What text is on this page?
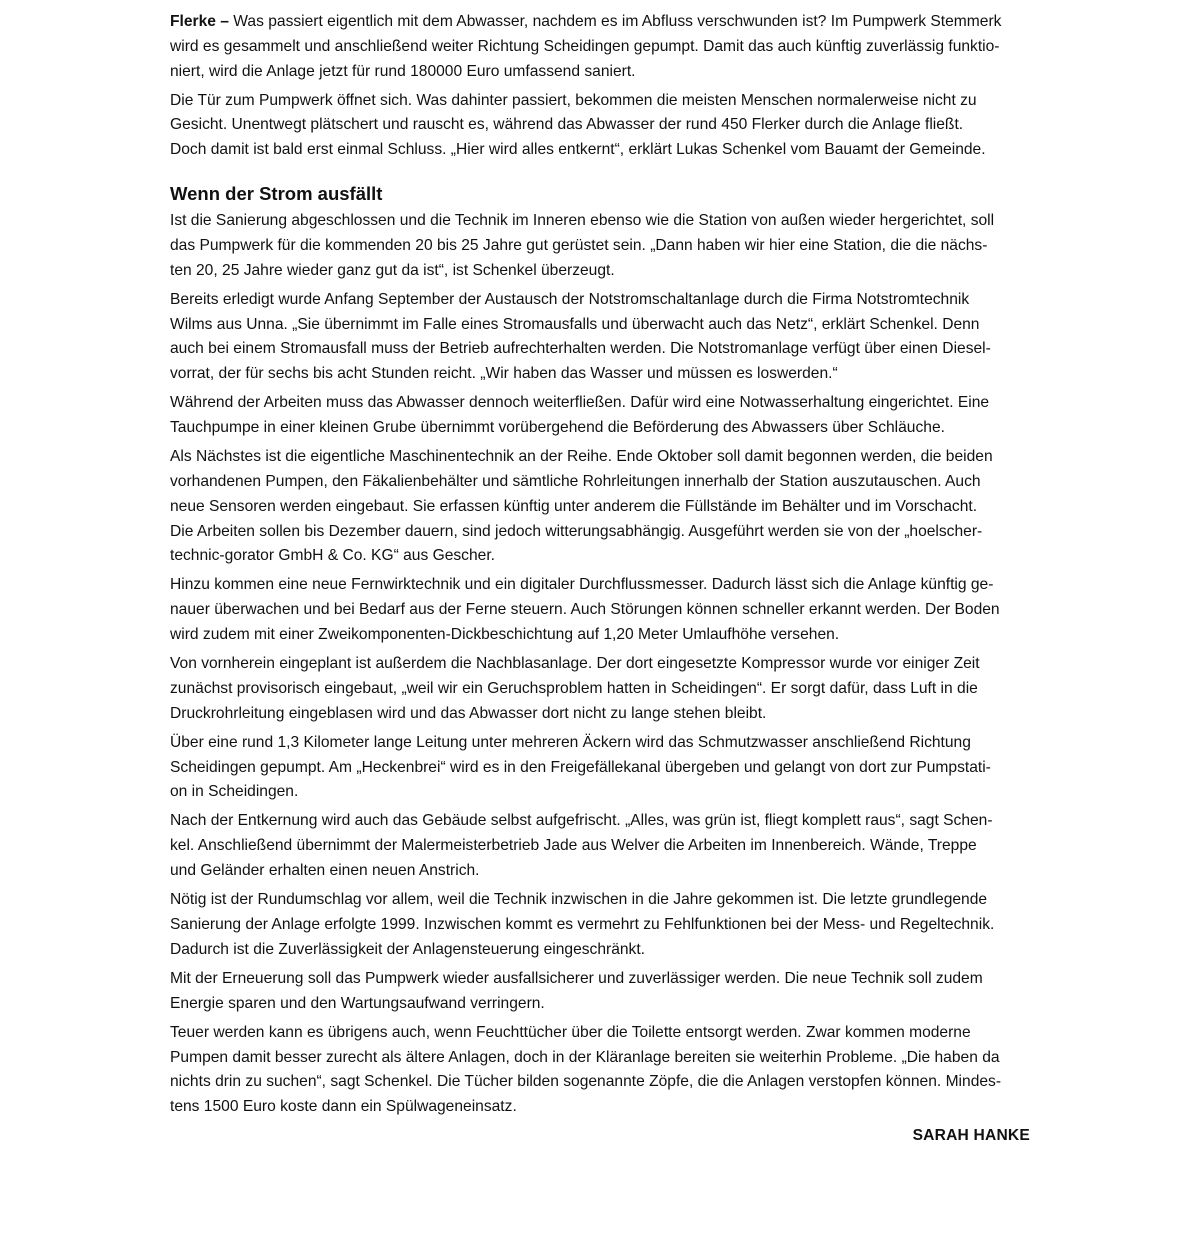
Flerke – Was passiert eigentlich mit dem Abwasser, nachdem es im Abfluss verschwunden ist? Im Pumpwerk Stemmerk
wird es gesammelt und anschließend weiter Richtung Scheidingen gepumpt. Damit das auch künftig zuverlässig funktio-
niert, wird die Anlage jetzt für rund 180000 Euro umfassend saniert.

Die Tür zum Pumpwerk öffnet sich. Was dahinter passiert, bekommen die meisten Menschen normalerweise nicht zu
Gesicht. Unentwegt plätschert und rauscht es, während das Abwasser der rund 450 Flerker durch die Anlage fließt.
Doch damit ist bald erst einmal Schluss. „Hier wird alles entkernt“, erklärt Lukas Schenkel vom Bauamt der Gemeinde.

Wenn der Strom ausfällt

Ist die Sanierung abgeschlossen und die Technik im Inneren ebenso wie die Station von außen wieder hergerichtet, soll
das Pumpwerk für die kommenden 20 bis 25 Jahre gut gerüstet sein. „Dann haben wir hier eine Station, die die nächs-
ten 20, 25 Jahre wieder ganz gut da ist“, ist Schenkel überzeugt.

Bereits erledigt wurde Anfang September der Austausch der Notstromschaltanlage durch die Firma Notstromtechnik
Wilms aus Unna. „Sie übernimmt im Falle eines Stromausfalls und überwacht auch das Netz“, erklärt Schenkel. Denn
auch bei einem Stromausfall muss der Betrieb aufrechterhalten werden. Die Notstromanlage verfügt über einen Diesel-
vorrat, der für sechs bis acht Stunden reicht. „Wir haben das Wasser und müssen es loswerden.“

Während der Arbeiten muss das Abwasser dennoch weiterfließen. Dafür wird eine Notwasserhaltung eingerichtet. Eine
Tauchpumpe in einer kleinen Grube übernimmt vorübergehend die Beförderung des Abwassers über Schläuche.

Als Nächstes ist die eigentliche Maschinentechnik an der Reihe. Ende Oktober soll damit begonnen werden, die beiden
vorhandenen Pumpen, den Fäkalienbehälter und sämtliche Rohrleitungen innerhalb der Station auszutauschen. Auch
neue Sensoren werden eingebaut. Sie erfassen künftig unter anderem die Füllstände im Behälter und im Vorschacht.
Die Arbeiten sollen bis Dezember dauern, sind jedoch witterungsabhängig. Ausgeführt werden sie von der „hoelscher-
technic-gorator GmbH & Co. KG“ aus Gescher.

Hinzu kommen eine neue Fernwirktechnik und ein digitaler Durchflussmesser. Dadurch lässt sich die Anlage künftig ge-
nauer überwachen und bei Bedarf aus der Ferne steuern. Auch Störungen können schneller erkannt werden. Der Boden
wird zudem mit einer Zweikomponenten-Dickbeschichtung auf 1,20 Meter Umlaufhöhe versehen.

Von vornherein eingeplant ist außerdem die Nachblasanlage. Der dort eingesetzte Kompressor wurde vor einiger Zeit
zunächst provisorisch eingebaut, „weil wir ein Geruchsproblem hatten in Scheidingen“. Er sorgt dafür, dass Luft in die
Druckrohrleitung eingeblasen wird und das Abwasser dort nicht zu lange stehen bleibt.

Über eine rund 1,3 Kilometer lange Leitung unter mehreren Äckern wird das Schmutzwasser anschließend Richtung
Scheidingen gepumpt. Am „Heckenbrei“ wird es in den Freigefällekanal übergeben und gelangt von dort zur Pumpstati-
on in Scheidingen.

Nach der Entkernung wird auch das Gebäude selbst aufgefrischt. „Alles, was grün ist, fliegt komplett raus“, sagt Schen-
kel. Anschließend übernimmt der Malermeisterbetrieb Jade aus Welver die Arbeiten im Innenbereich. Wände, Treppe
und Geländer erhalten einen neuen Anstrich.

Nötig ist der Rundumschlag vor allem, weil die Technik inzwischen in die Jahre gekommen ist. Die letzte grundlegende
Sanierung der Anlage erfolgte 1999. Inzwischen kommt es vermehrt zu Fehlfunktionen bei der Mess- und Regeltechnik.
Dadurch ist die Zuverlässigkeit der Anlagensteuerung eingeschränkt.

Mit der Erneuerung soll das Pumpwerk wieder ausfallsicherer und zuverlässiger werden. Die neue Technik soll zudem
Energie sparen und den Wartungsaufwand verringern.

Teuer werden kann es übrigens auch, wenn Feuchttücher über die Toilette entsorgt werden. Zwar kommen moderne
Pumpen damit besser zurecht als ältere Anlagen, doch in der Kläranlage bereiten sie weiterhin Probleme. „Die haben da
nichts drin zu suchen“, sagt Schenkel. Die Tücher bilden sogenannte Zöpfe, die die Anlagen verstopfen können. Mindes-
tens 1500 Euro koste dann ein Spülwageneinsatz.

SARAH HANKE
